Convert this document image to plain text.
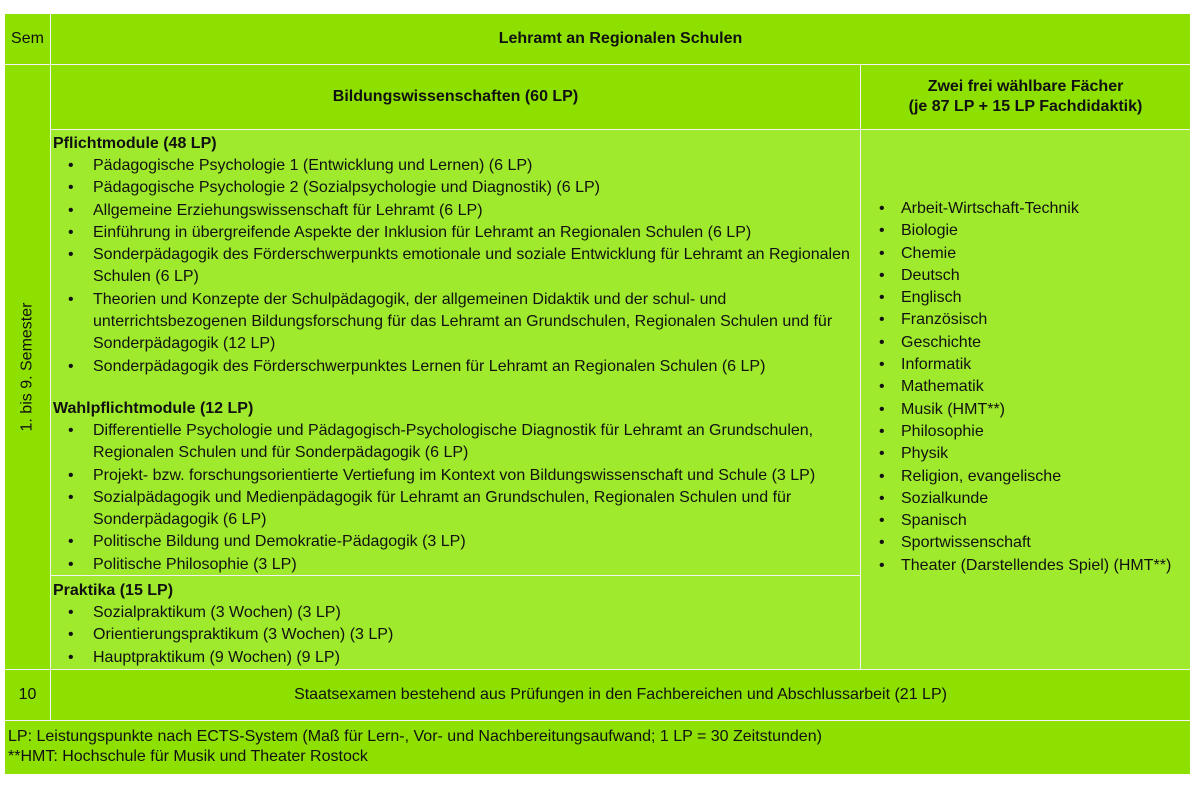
Sem	Lehramt an Regionalen Schulen
1. bis 9. Semester
Bildungswissenschaften (60 LP)
Zwei frei wählbare Fächer
(je 87 LP + 15 LP Fachdidaktik)
Pflichtmodule (48 LP)
• Pädagogische Psychologie 1 (Entwicklung und Lernen) (6 LP)
• Pädagogische Psychologie 2 (Sozialpsychologie und Diagnostik) (6 LP)
• Allgemeine Erziehungswissenschaft für Lehramt (6 LP)
• Einführung in übergreifende Aspekte der Inklusion für Lehramt an Regionalen Schulen (6 LP)
• Sonderpädagogik des Förderschwerpunkts emotionale und soziale Entwicklung für Lehramt an Regionalen Schulen (6 LP)
• Theorien und Konzepte der Schulpädagogik, der allgemeinen Didaktik und der schul- und unterrichtsbezogenen Bildungsforschung für das Lehramt an Grundschulen, Regionalen Schulen und für Sonderpädagogik (12 LP)
• Sonderpädagogik des Förderschwerpunktes Lernen für Lehramt an Regionalen Schulen (6 LP)
Wahlpflichtmodule (12 LP)
• Differentielle Psychologie und Pädagogisch-Psychologische Diagnostik für Lehramt an Grundschulen, Regionalen Schulen und für Sonderpädagogik (6 LP)
• Projekt- bzw. forschungsorientierte Vertiefung im Kontext von Bildungswissenschaft und Schule (3 LP)
• Sozialpädagogik und Medienpädagogik für Lehramt an Grundschulen, Regionalen Schulen und für Sonderpädagogik (6 LP)
• Politische Bildung und Demokratie-Pädagogik (3 LP)
• Politische Philosophie (3 LP)
Praktika (15 LP)
• Sozialpraktikum (3 Wochen) (3 LP)
• Orientierungspraktikum (3 Wochen) (3 LP)
• Hauptpraktikum (9 Wochen) (9 LP)
• Arbeit-Wirtschaft-Technik
• Biologie
• Chemie
• Deutsch
• Englisch
• Französisch
• Geschichte
• Informatik
• Mathematik
• Musik (HMT**)
• Philosophie
• Physik
• Religion, evangelische
• Sozialkunde
• Spanisch
• Sportwissenschaft
• Theater (Darstellendes Spiel) (HMT**)
10	Staatsexamen bestehend aus Prüfungen in den Fachbereichen und Abschlussarbeit (21 LP)
LP: Leistungspunkte nach ECTS-System (Maß für Lern-, Vor- und Nachbereitungsaufwand; 1 LP = 30 Zeitstunden)
**HMT: Hochschule für Musik und Theater Rostock
